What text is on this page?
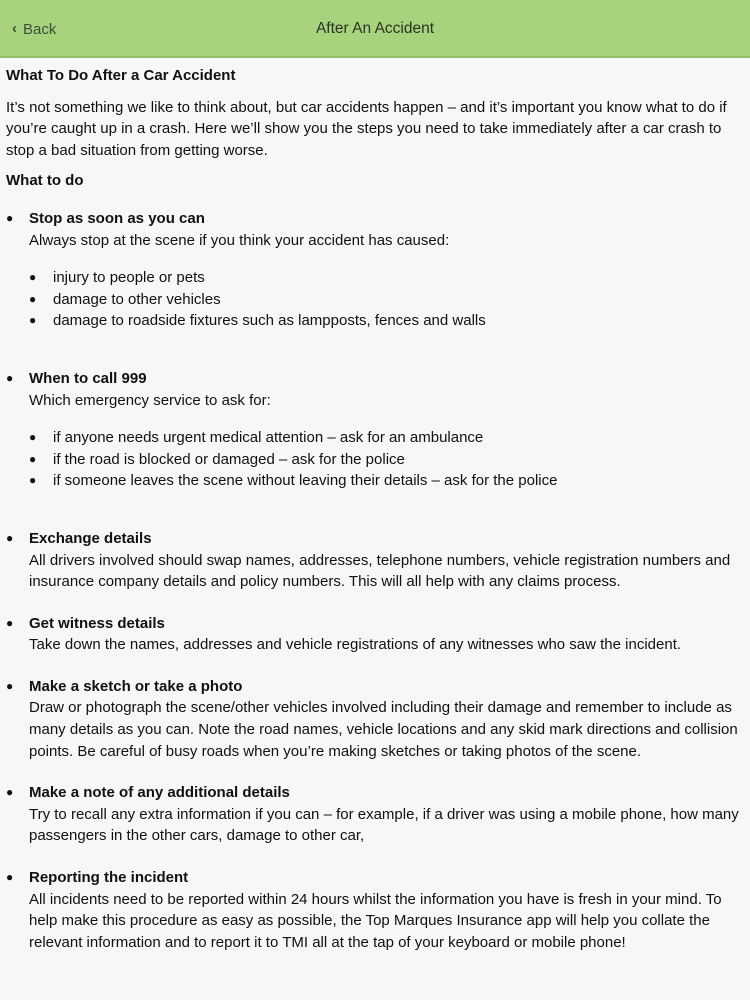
‹ Back	After An Accident

What To Do After a Car Accident

It’s not something we like to think about, but car accidents happen – and it’s important you know what to do if you’re caught up in a crash. Here we’ll show you the steps you need to take immediately after a car crash to stop a bad situation from getting worse.

What to do

● Stop as soon as you can
Always stop at the scene if you think your accident has caused:
● injury to people or pets
● damage to other vehicles
● damage to roadside fixtures such as lampposts, fences and walls
● When to call 999
Which emergency service to ask for:
● if anyone needs urgent medical attention – ask for an ambulance
● if the road is blocked or damaged – ask for the police
● if someone leaves the scene without leaving their details – ask for the police
● Exchange details
All drivers involved should swap names, addresses, telephone numbers, vehicle registration numbers and insurance company details and policy numbers. This will all help with any claims process.
● Get witness details
Take down the names, addresses and vehicle registrations of any witnesses who saw the incident.
● Make a sketch or take a photo
Draw or photograph the scene/other vehicles involved including their damage and remember to include as many details as you can. Note the road names, vehicle locations and any skid mark directions and collision points. Be careful of busy roads when you’re making sketches or taking photos of the scene.
● Make a note of any additional details
Try to recall any extra information if you can – for example, if a driver was using a mobile phone, how many passengers in the other cars, damage to other car,
● Reporting the incident
All incidents need to be reported within 24 hours whilst the information you have is fresh in your mind. To help make this procedure as easy as possible, the Top Marques Insurance app will help you collate the relevant information and to report it to TMI all at the tap of your keyboard or mobile phone!
